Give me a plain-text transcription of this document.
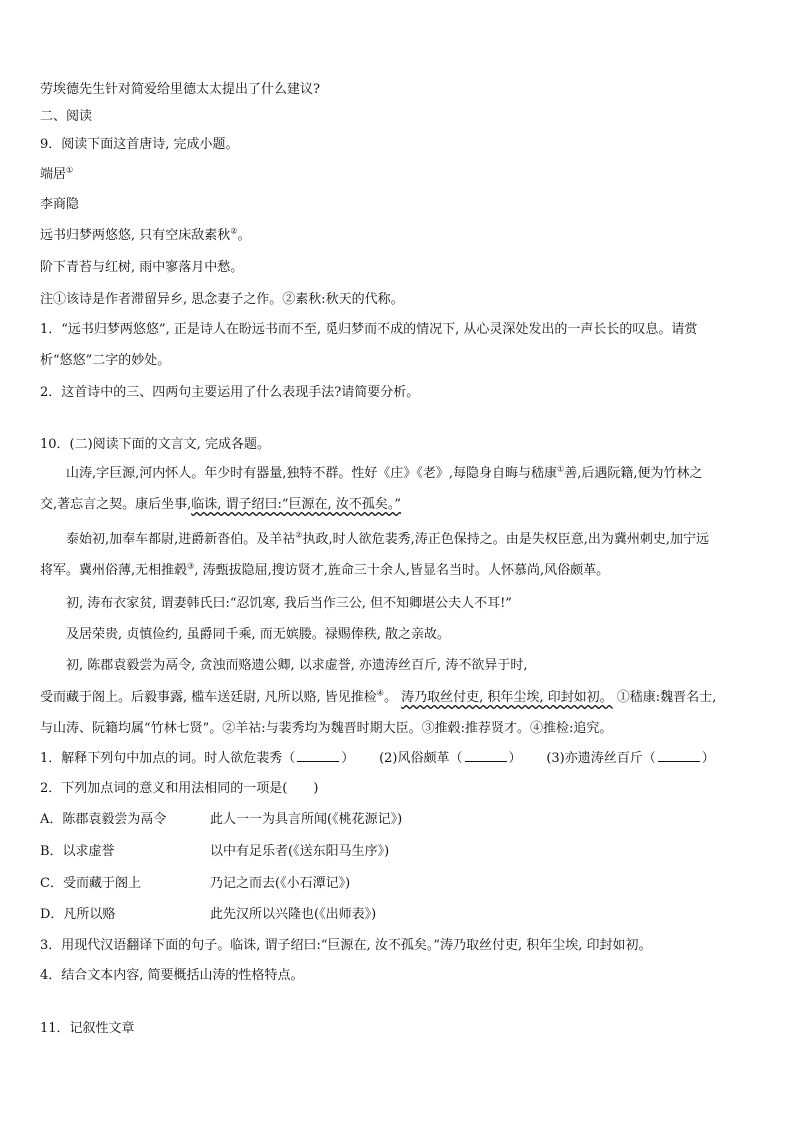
劳埃德先生针对简爱给里德太太提出了什么建议?
二、阅读
9．阅读下面这首唐诗, 完成小题。
端居①
李商隐
远书归梦两悠悠, 只有空床敌素秋②。
阶下青苔与红树, 雨中寥落月中愁。
注①该诗是作者滞留异乡, 思念妻子之作。②素秋:秋天的代称。
1．“远书归梦两悠悠”, 正是诗人在盼远书而不至, 觅归梦而不成的情况下, 从心灵深处发出的一声长长的叹息。请赏
析“悠悠”二字的妙处。
2．这首诗中的三、四两句主要运用了什么表现手法?请简要分析。
10．(二)阅读下面的文言文, 完成各题。
山涛,字巨源,河内怀人。年少时有器量,独特不群。性好《庄》《老》,每隐身自晦与嵇康①善,后遇阮籍,便为竹林之
交,著忘言之契。康后坐事,临诛, 谓子绍曰:“巨源在, 汝不孤矣。”
泰始初,加奉车都尉,进爵新沓伯。及羊祜②执政,时人欲危裴秀,涛正色保持之。由是失权臣意,出为冀州刺史,加宁远
将军。冀州俗薄,无相推毂③, 涛甄拔隐屈,搜访贤才,旌命三十余人,皆显名当时。人怀慕尚,风俗颇革。
初, 涛布衣家贫, 谓妻韩氏曰:“忍饥寒, 我后当作三公, 但不知卿堪公夫人不耳!”
及居荣贵, 贞慎俭约, 虽爵同千乘, 而无嫔媵。禄赐俸秩, 散之亲故。
初, 陈郡袁毅尝为鬲令, 贪浊而赂遗公卿, 以求虚誉, 亦遗涛丝百斤, 涛不欲异于时,
受而藏于阁上。后毅事露, 槛车送廷尉, 凡所以赂, 皆见推检④。 涛乃取丝付吏, 积年尘埃, 印封如初。 ①嵇康:魏晋名士,
与山涛、阮籍均属“竹林七贤”。②羊祜:与裴秀均为魏晋时期大臣。③推毂:推荐贤才。④推检:追究。
1．解释下列句中加点的词。时人欲危裴秀（	） (2)风俗颇革（	） (3)亦遗涛丝百斤（	）
2．下列加点词的意义和用法相同的一项是(　　)
A．陈郡袁毅尝为鬲令	此人一一为具言所闻(《桃花源记》)
B．以求虚誉	以中有足乐者(《送东阳马生序》)
C．受而藏于阁上	乃记之而去(《小石潭记》)
D．凡所以赂	此先汉所以兴隆也(《出师表》)
3．用现代汉语翻译下面的句子。临诛, 谓子绍曰:“巨源在, 汝不孤矣。”涛乃取丝付吏, 积年尘埃, 印封如初。
4．结合文本内容, 简要概括山涛的性格特点。
11．记叙性文章
